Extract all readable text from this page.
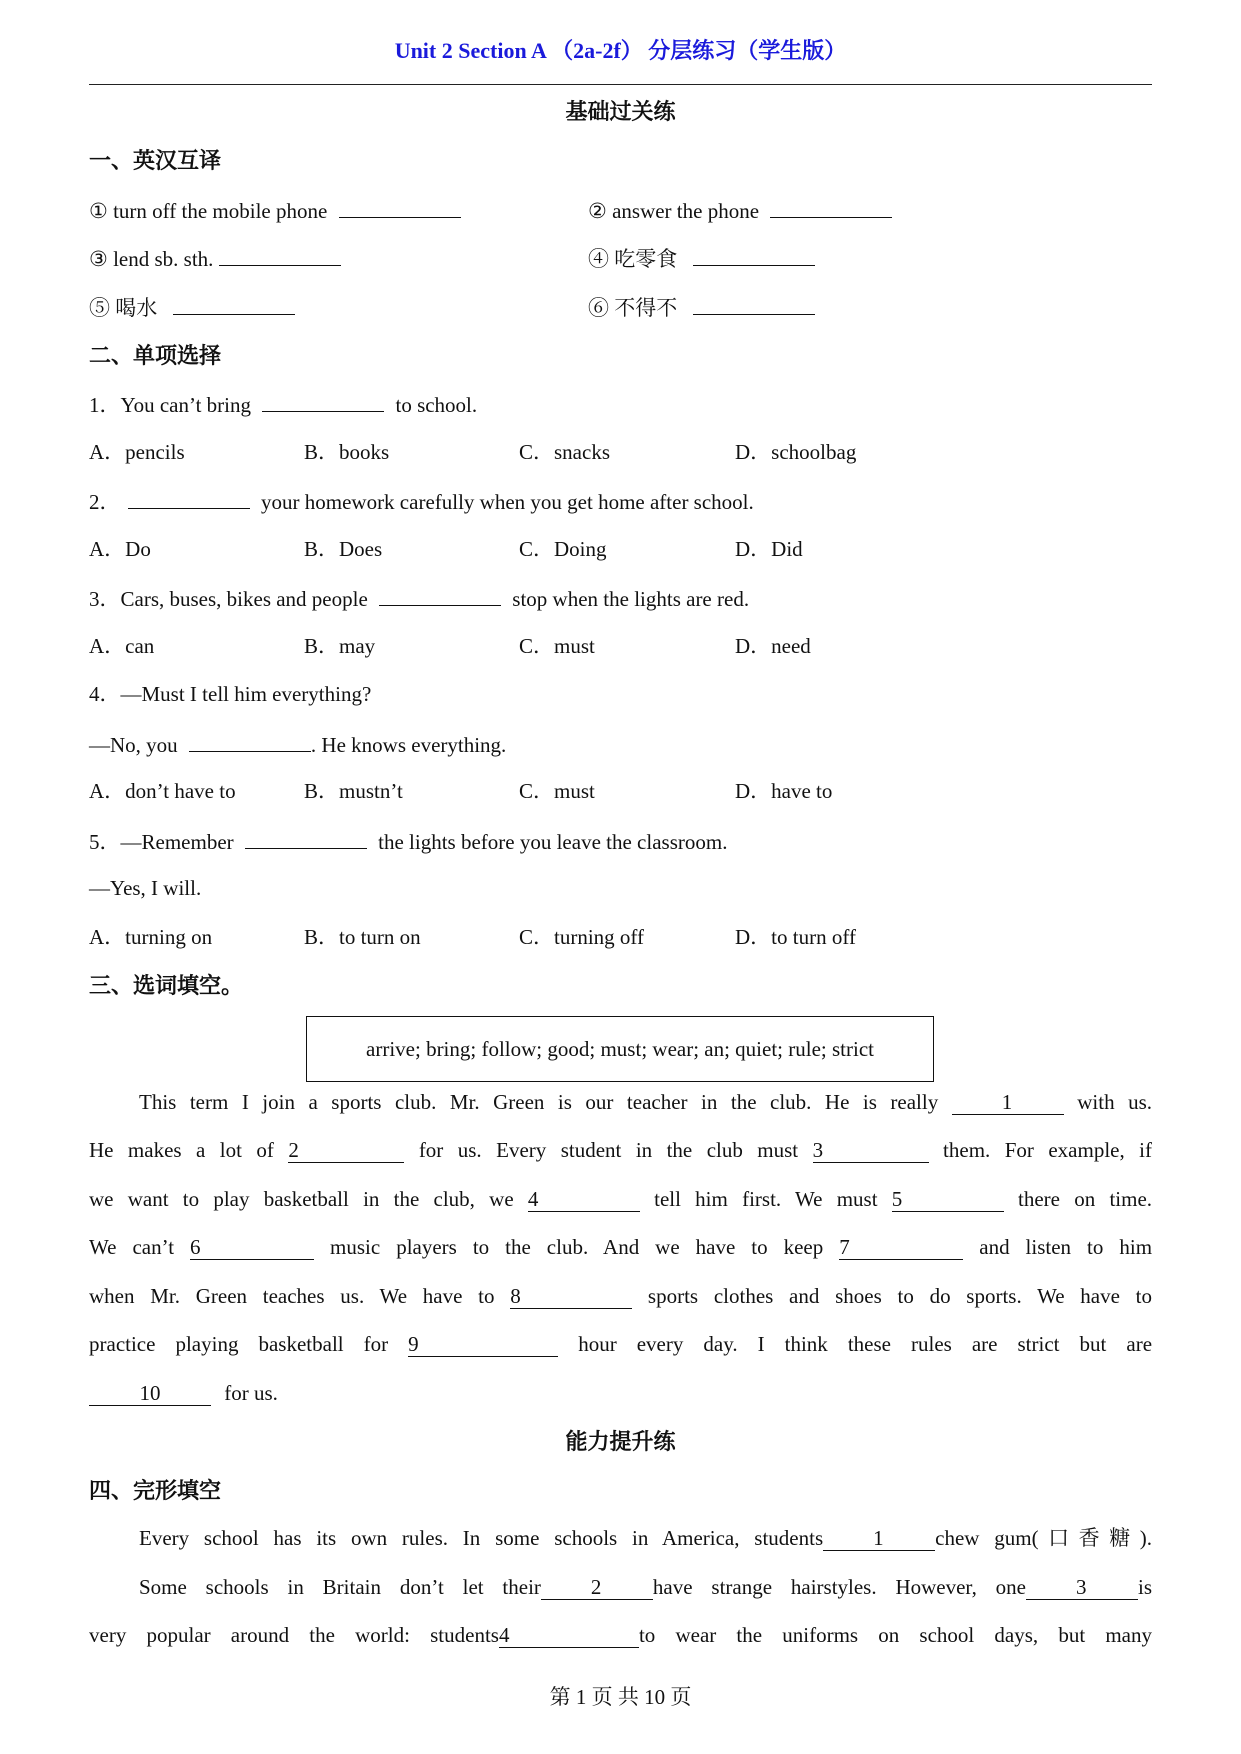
Unit 2 Section A （2a-2f） 分层练习（学生版）
基础过关练
一、英汉互译
① turn off the mobile phone	② answer the phone
③ lend sb. sth.	④ 吃零食
⑤ 喝水	⑥ 不得不
二、单项选择
1．You can’t bring	to school.
A．pencils	B．books	C．snacks	D．schoolbag
2．	your homework carefully when you get home after school.
A．Do	B．Does	C．Doing	D．Did
3．Cars, buses, bikes and people	stop when the lights are red.
A．can	B．may	C．must	D．need
4．—Must I tell him everything?
—No, you	. He knows everything.
A．don’t have to	B．mustn’t	C．must	D．have to
5．—Remember	the lights before you leave the classroom.
—Yes, I will.
A．turning on	B．to turn on	C．turning off	D．to turn off
三、选词填空。
arrive; bring; follow; good; must; wear; an; quiet; rule; strict
This term I join a sports club. Mr. Green is our teacher in the club. He is really	1	with us.
He makes a lot of 2	for us. Every student in the club must 3	them. For example, if
we want to play basketball in the club, we 4	tell him first. We must 5	there on time.
We can’t 6	music players to the club. And we have to keep 7	and listen to him
when Mr. Green teaches us. We have to 8	sports clothes and shoes to do sports. We have to
practice playing basketball for 9	hour every day. I think these rules are strict but are
10	for us.
能力提升练
四、完形填空
Every school has its own rules. In some schools in America, students 1 chew gum(口香糖).
Some schools in Britain don’t let their 2 have strange hairstyles. However, one 3 is
very popular around the world: students4	to wear the uniforms on school days, but many
第 1 页 共 10 页
